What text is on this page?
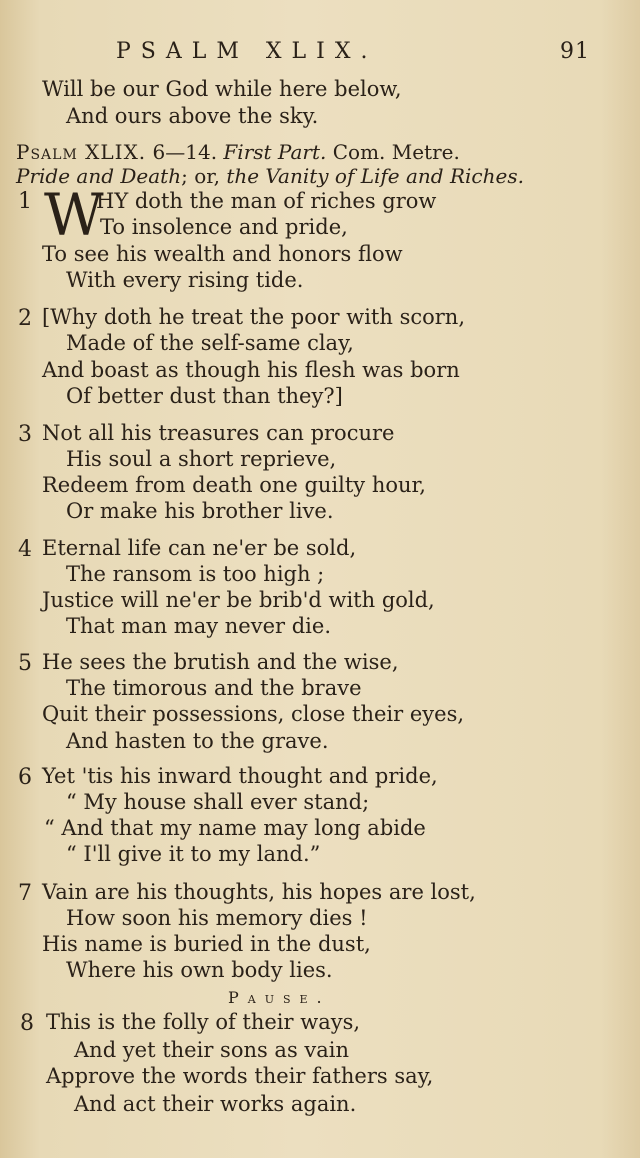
PSALM XLIX.	91
Will be our God while here below,
And ours above the sky.
Psalm XLIX. 6—14. First Part. Com. Metre.
Pride and Death; or, the Vanity of Life and Riches.
1 W
HY doth the man of riches grow
To insolence and pride,
To see his wealth and honors flow
With every rising tide.
2 [Why doth he treat the poor with scorn,
Made of the self-same clay,
And boast as though his flesh was born
Of better dust than they?]
3 Not all his treasures can procure
His soul a short reprieve,
Redeem from death one guilty hour,
Or make his brother live.
4 Eternal life can ne'er be sold,
The ransom is too high ;
Justice will ne'er be brib'd with gold,
That man may never die.
5 He sees the brutish and the wise,
The timorous and the brave
Quit their possessions, close their eyes,
And hasten to the grave.
6 Yet 'tis his inward thought and pride,
“ My house shall ever stand;
“ And that my name may long abide
“ I'll give it to my land.”
7 Vain are his thoughts, his hopes are lost,
How soon his memory dies !
His name is buried in the dust,
Where his own body lies.
Pause.
8 This is the folly of their ways,
And yet their sons as vain
Approve the words their fathers say,
And act their works again.
